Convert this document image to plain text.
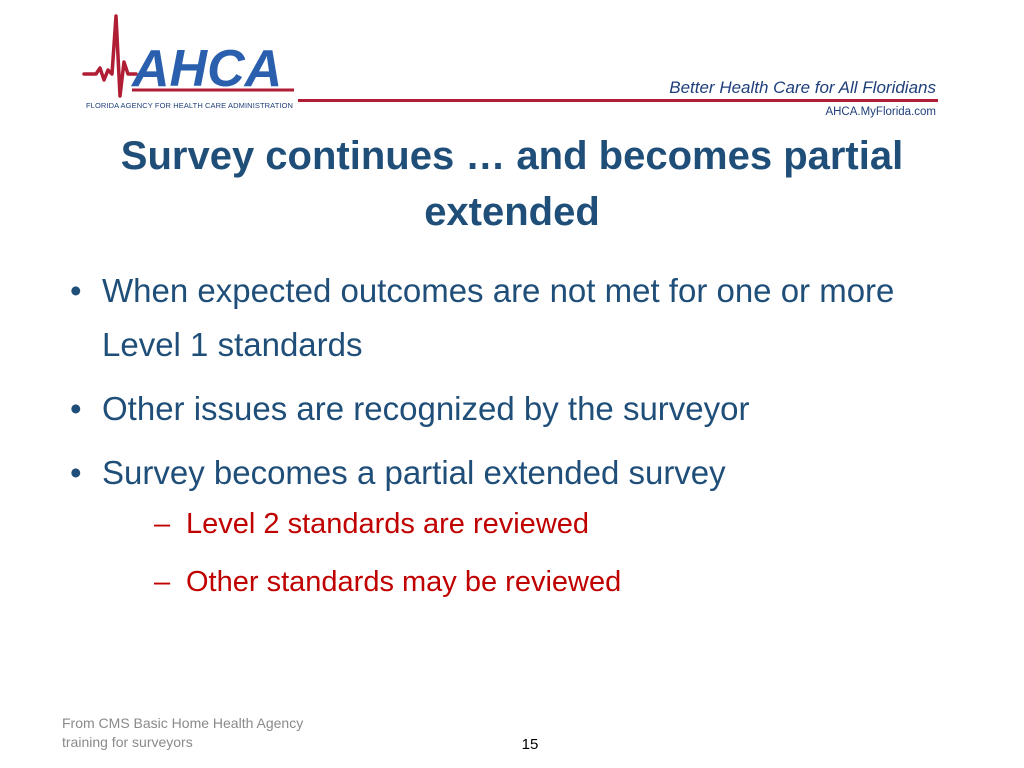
AHCA
FLORIDA AGENCY FOR HEALTH CARE ADMINISTRATION
Better Health Care for All Floridians
AHCA.MyFlorida.com
Survey continues … and becomes partial
extended
• When expected outcomes are not met for one or more Level 1 standards
• Other issues are recognized by the surveyor
• Survey becomes a partial extended survey
– Level 2 standards are reviewed
– Other standards may be reviewed
From CMS Basic Home Health Agency
training for surveyors	15
